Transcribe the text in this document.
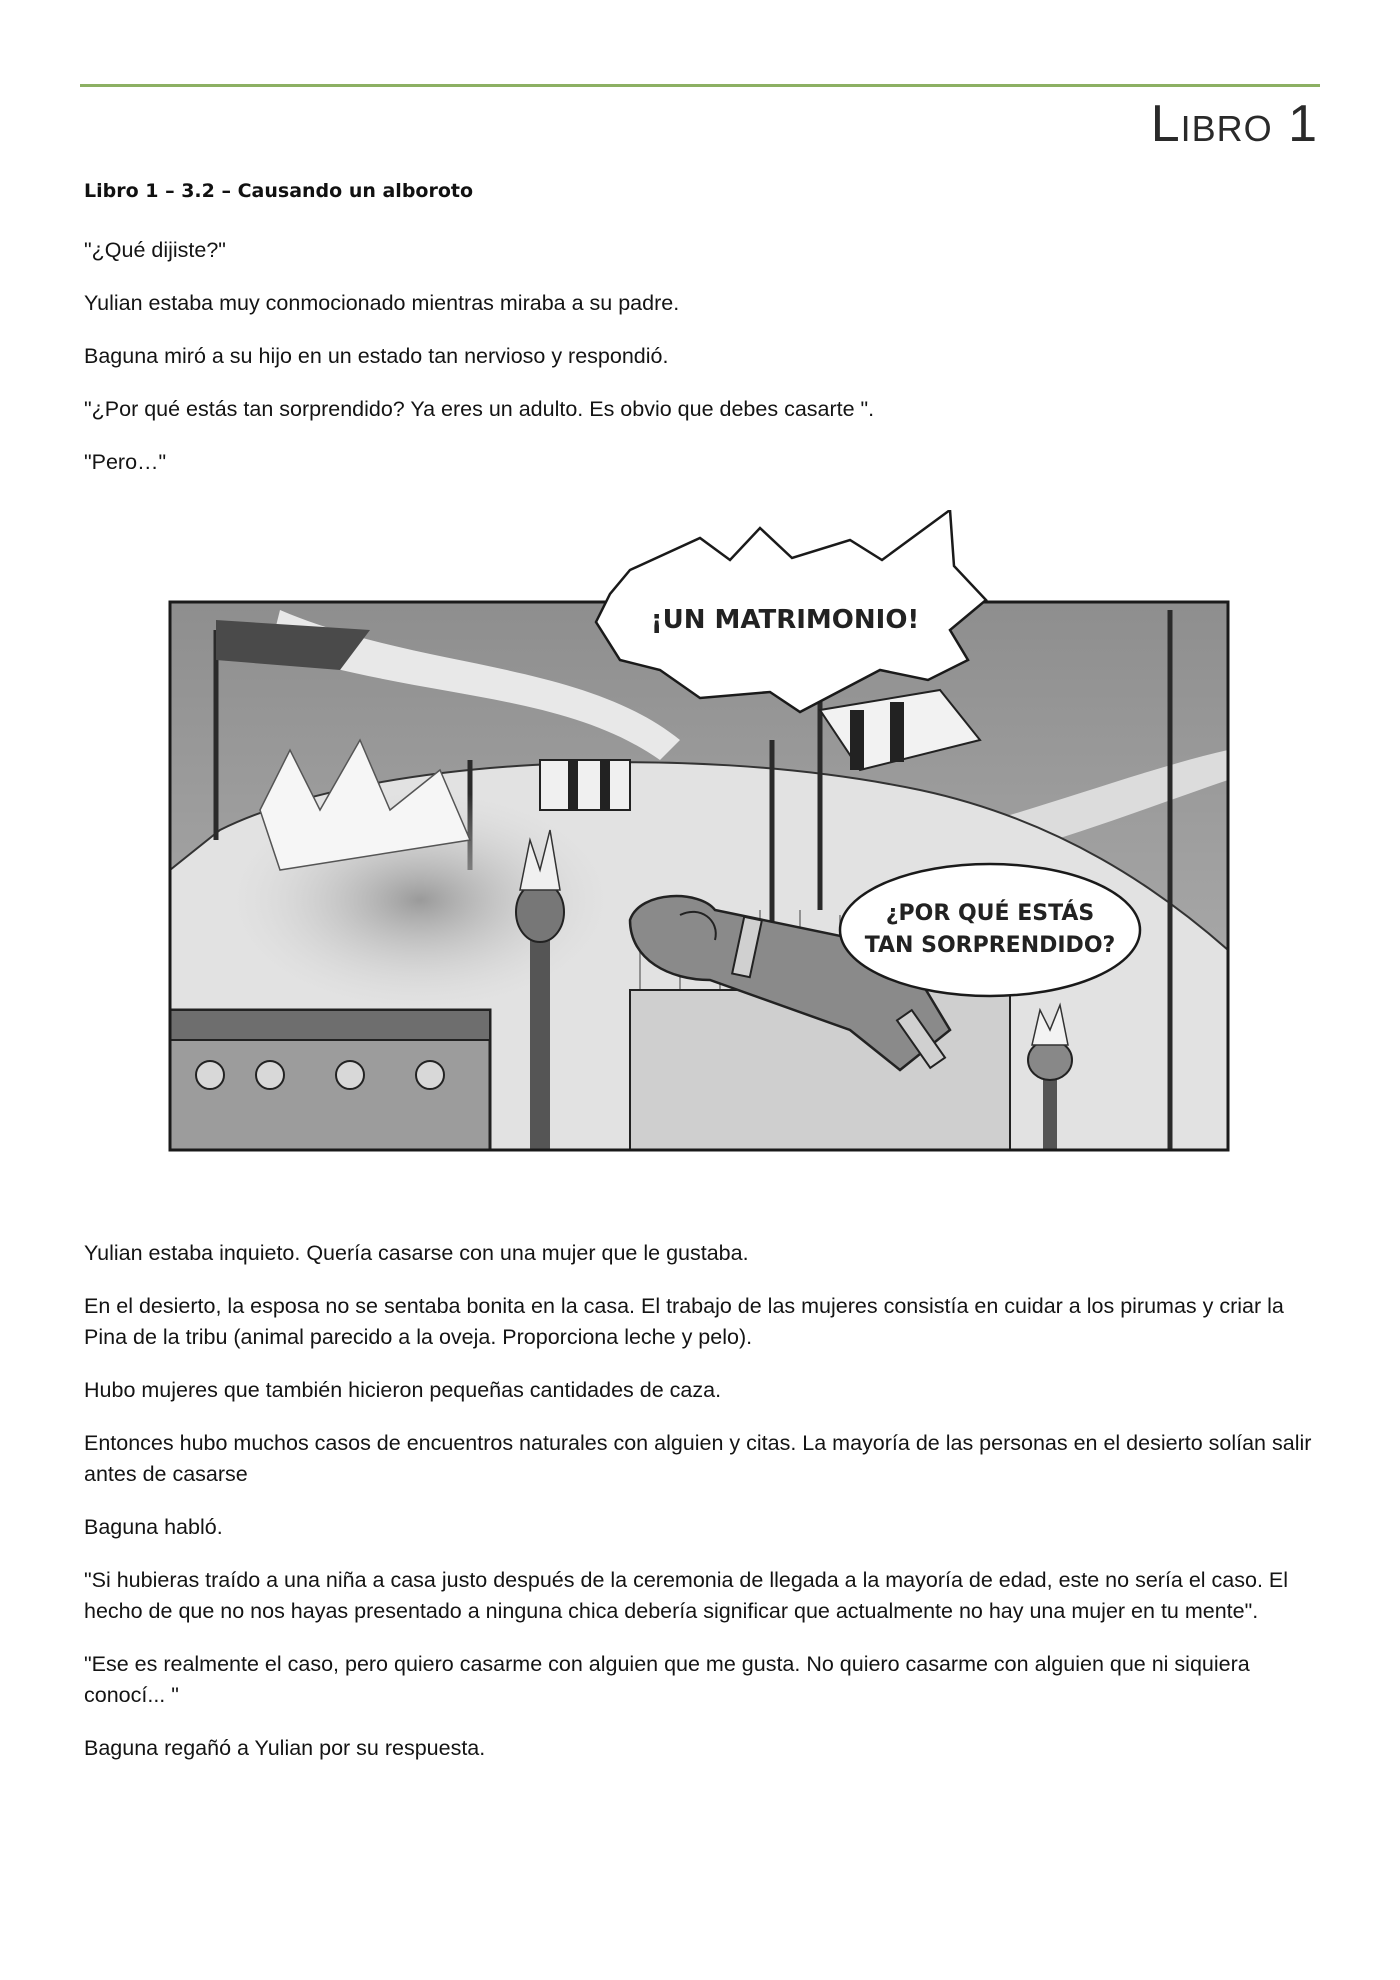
Libro 1
Libro 1 – 3.2 – Causando un alboroto

"¿Qué dijiste?"

Yulian estaba muy conmocionado mientras miraba a su padre.

Baguna miró a su hijo en un estado tan nervioso y respondió.

"¿Por qué estás tan sorprendido? Ya eres un adulto. Es obvio que debes casarte ".

"Pero…"

¡UN MATRIMONIO!
¿POR QUÉ ESTÁS
TAN SORPRENDIDO?

Yulian estaba inquieto. Quería casarse con una mujer que le gustaba.

En el desierto, la esposa no se sentaba bonita en la casa. El trabajo de las mujeres consistía en cuidar a los pirumas y criar la Pina de la tribu (animal parecido a la oveja. Proporciona leche y pelo).

Hubo mujeres que también hicieron pequeñas cantidades de caza.

Entonces hubo muchos casos de encuentros naturales con alguien y citas. La mayoría de las personas en el desierto solían salir antes de casarse

Baguna habló.

"Si hubieras traído a una niña a casa justo después de la ceremonia de llegada a la mayoría de edad, este no sería el caso. El hecho de que no nos hayas presentado a ninguna chica debería significar que actualmente no hay una mujer en tu mente".

"Ese es realmente el caso, pero quiero casarme con alguien que me gusta. No quiero casarme con alguien que ni siquiera conocí... "

Baguna regañó a Yulian por su respuesta.
